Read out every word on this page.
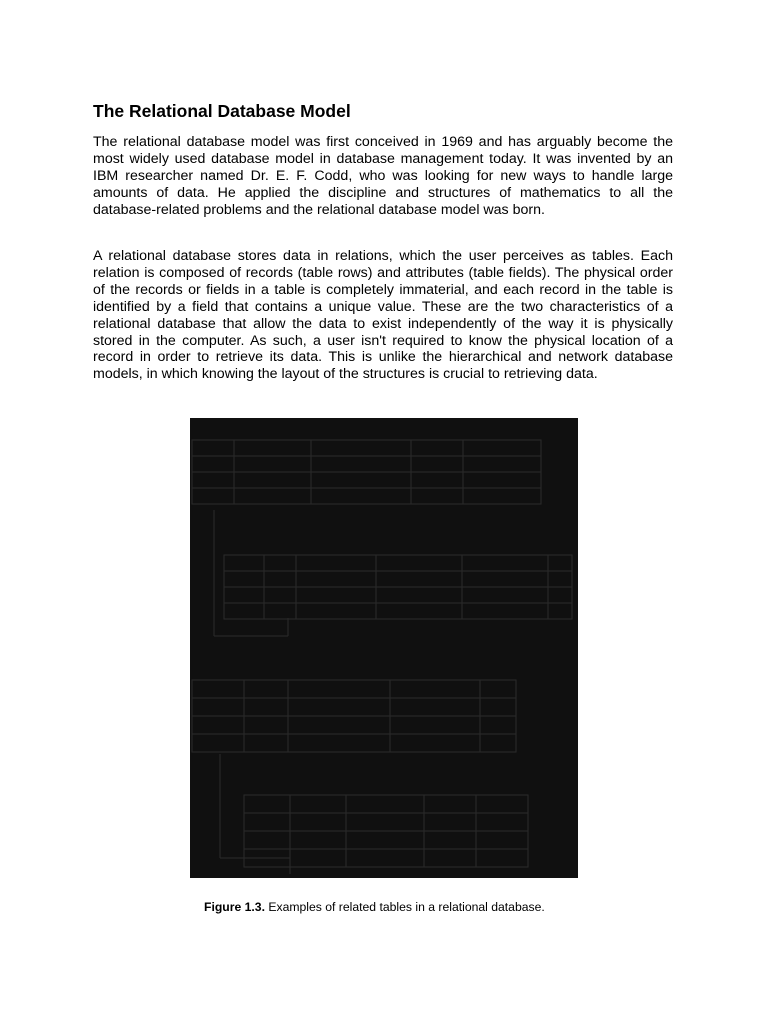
The Relational Database Model

The relational database model was first conceived in 1969 and has arguably become the most widely used database model in database management today. It was invented by an IBM researcher named Dr. E. F. Codd, who was looking for new ways to handle large amounts of data. He applied the discipline and structures of mathematics to all the database-related problems and the relational database model was born.

A relational database stores data in relations, which the user perceives as tables. Each relation is composed of records (table rows) and attributes (table fields). The physical order of the records or fields in a table is completely immaterial, and each record in the table is identified by a field that contains a unique value. These are the two characteristics of a relational database that allow the data to exist independently of the way it is physically stored in the computer. As such, a user isn't required to know the physical location of a record in order to retrieve its data. This is unlike the hierarchical and network database models, in which knowing the layout of the structures is crucial to retrieving data.

Figure 1.3. Examples of related tables in a relational database.
